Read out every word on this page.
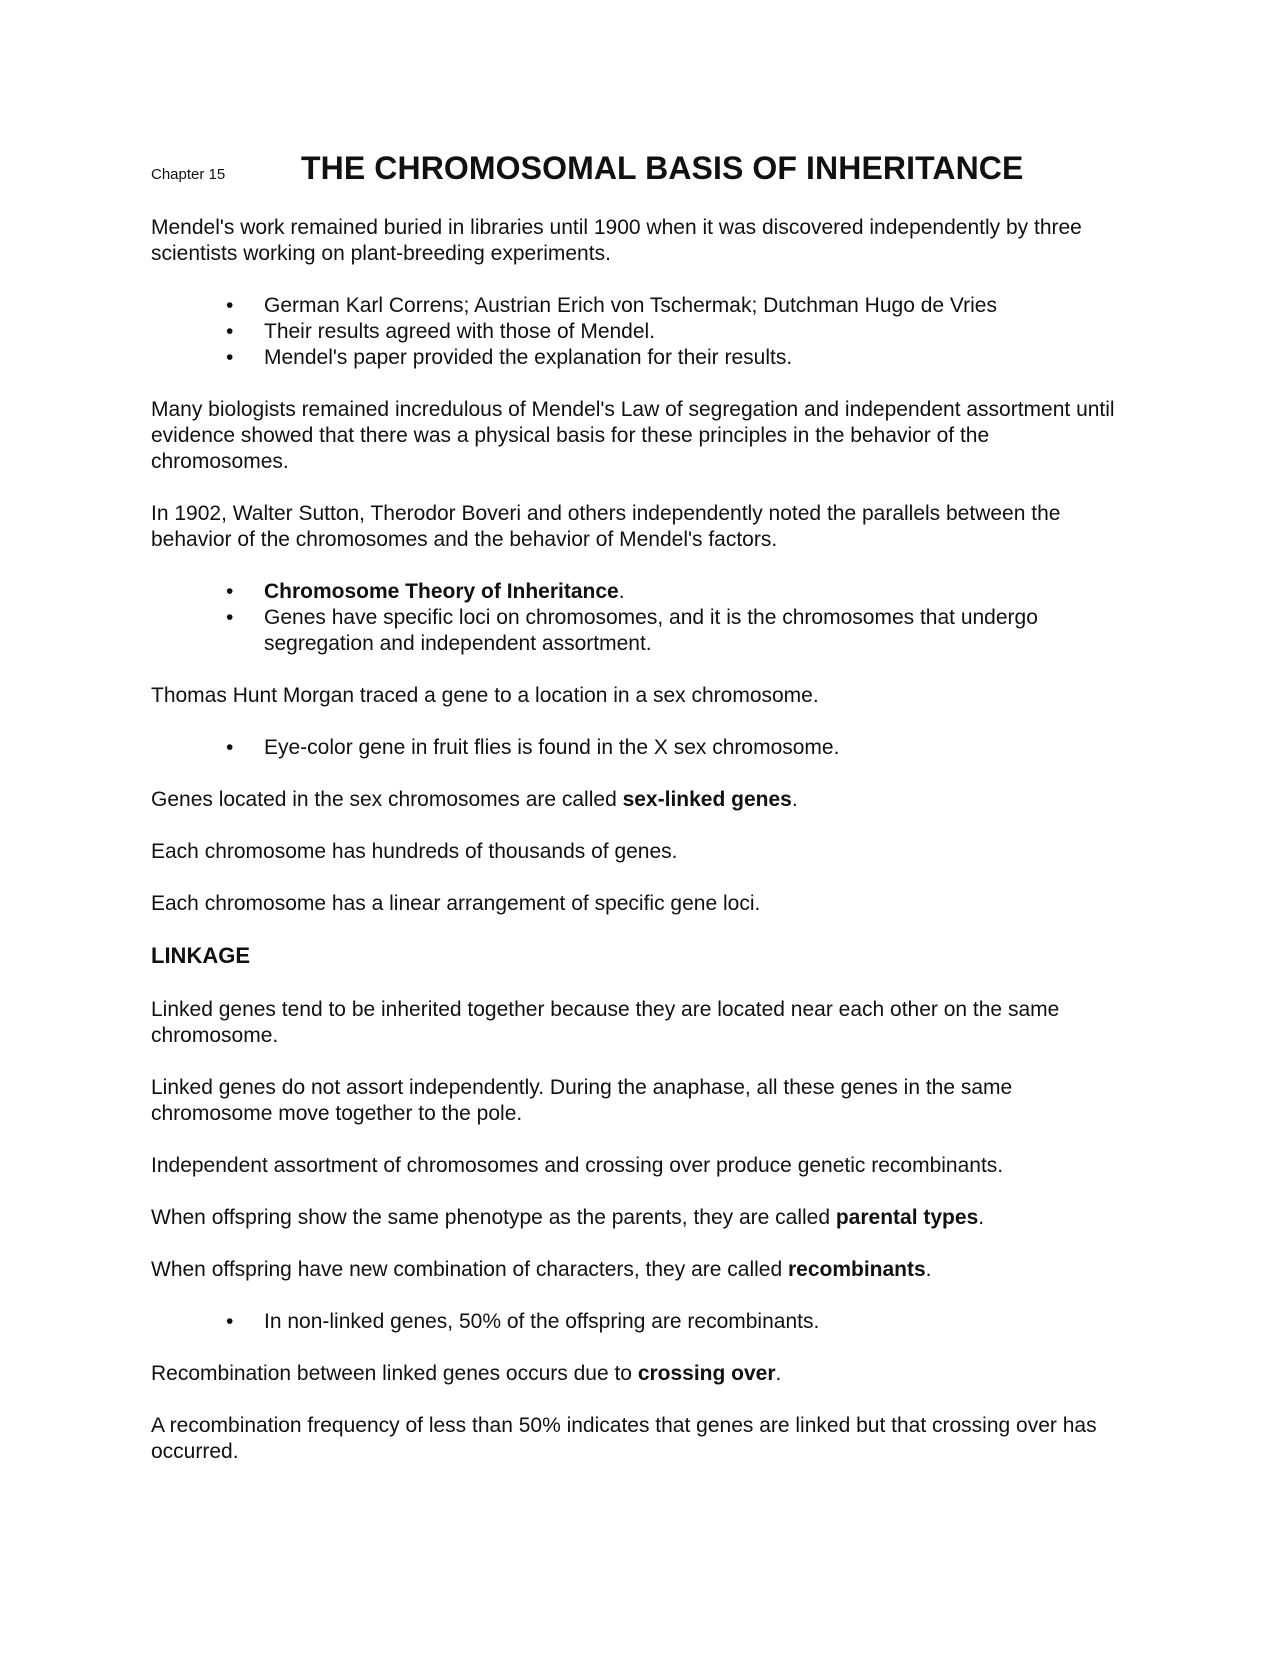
Chapter 15	THE CHROMOSOMAL BASIS OF INHERITANCE

Mendel's work remained buried in libraries until 1900 when it was discovered independently by three scientists working on plant-breeding experiments.

• German Karl Correns; Austrian Erich von Tschermak; Dutchman Hugo de Vries
• Their results agreed with those of Mendel.
• Mendel's paper provided the explanation for their results.

Many biologists remained incredulous of Mendel's Law of segregation and independent assortment until evidence showed that there was a physical basis for these principles in the behavior of the chromosomes.

In 1902, Walter Sutton, Therodor Boveri and others independently noted the parallels between the behavior of the chromosomes and the behavior of Mendel's factors.

• Chromosome Theory of Inheritance.
• Genes have specific loci on chromosomes, and it is the chromosomes that undergo segregation and independent assortment.

Thomas Hunt Morgan traced a gene to a location in a sex chromosome.

• Eye-color gene in fruit flies is found in the X sex chromosome.

Genes located in the sex chromosomes are called sex-linked genes.

Each chromosome has hundreds of thousands of genes.

Each chromosome has a linear arrangement of specific gene loci.

LINKAGE

Linked genes tend to be inherited together because they are located near each other on the same chromosome.

Linked genes do not assort independently. During the anaphase, all these genes in the same chromosome move together to the pole.

Independent assortment of chromosomes and crossing over produce genetic recombinants.

When offspring show the same phenotype as the parents, they are called parental types.

When offspring have new combination of characters, they are called recombinants.

• In non-linked genes, 50% of the offspring are recombinants.

Recombination between linked genes occurs due to crossing over.

A recombination frequency of less than 50% indicates that genes are linked but that crossing over has occurred.
